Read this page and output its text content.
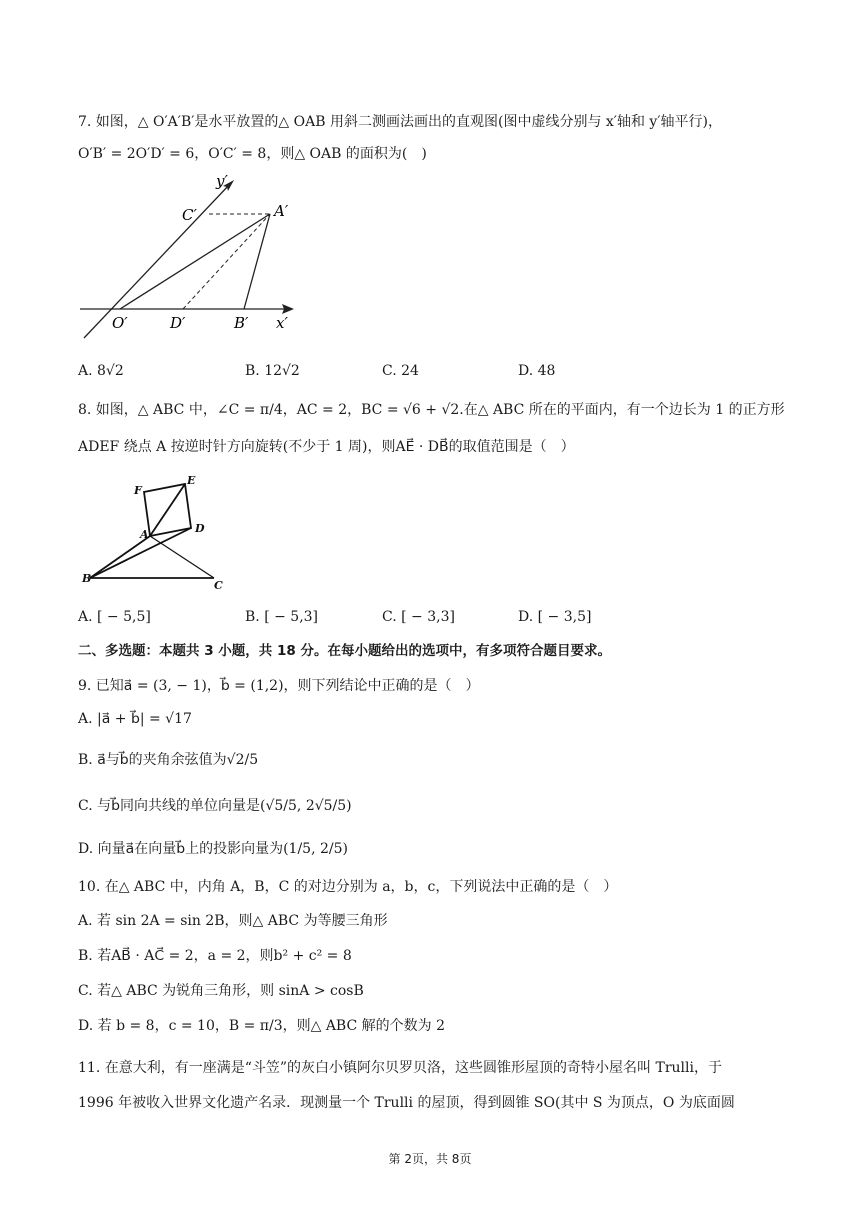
7. 如图，△ O′A′B′是水平放置的△ OAB 用斜二测画法画出的直观图(图中虚线分别与 x′轴和 y′轴平行)，
O′B′ = 2O′D′ = 6，O′C′ = 8，则△ OAB 的面积为(　)
y′
C′	A′
O′	D′	B′ x′
A. 8√2	B. 12√2	C. 24	D. 48
8. 如图，△ ABC 中，∠C = π/4，AC = 2，BC = √6 + √2.在△ ABC 所在的平面内，有一个边长为 1 的正方形
ADEF 绕点 A 按逆时针方向旋转(不少于 1 周)，则AE⃗ · DB⃗的取值范围是（　）
F
E
A	D
B
C
A. [ − 5,5]	B. [ − 5,3]	C. [ − 3,3]	D. [ − 3,5]
二、多选题：本题共 3 小题，共 18 分。在每小题给出的选项中，有多项符合题目要求。
9. 已知a⃗ = (3, − 1)，b⃗ = (1,2)，则下列结论中正确的是（　）
A. |a⃗ + b⃗| = √17
B. a⃗与b⃗的夹角余弦值为√2/5
C. 与b⃗同向共线的单位向量是(√5/5, 2√5/5)
D. 向量a⃗在向量b⃗上的投影向量为(1/5, 2/5)
10. 在△ ABC 中，内角 A，B，C 的对边分别为 a，b，c，下列说法中正确的是（　）
A. 若 sin 2A = sin 2B，则△ ABC 为等腰三角形
B. 若AB⃗ · AC⃗ = 2，a = 2，则b² + c² = 8
C. 若△ ABC 为锐角三角形，则 sinA > cosB
D. 若 b = 8，c = 10，B = π/3，则△ ABC 解的个数为 2
11. 在意大利，有一座满是“斗笠”的灰白小镇阿尔贝罗贝洛，这些圆锥形屋顶的奇特小屋名叫 Trulli，于
1996 年被收入世界文化遗产名录．现测量一个 Trulli 的屋顶，得到圆锥 SO(其中 S 为顶点，O 为底面圆
第 2页，共 8页
